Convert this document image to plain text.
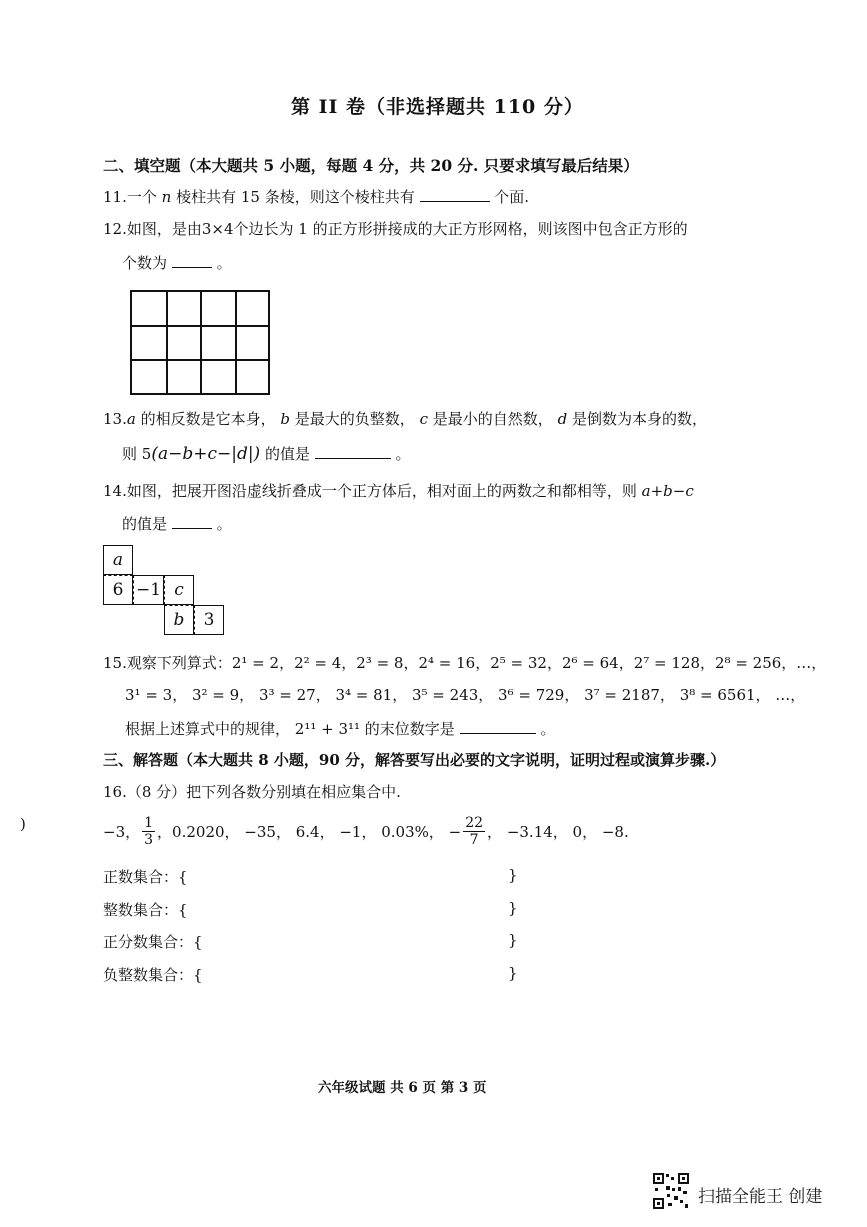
第 II 卷（非选择题共 110 分）
二、填空题（本大题共 5 小题，每题 4 分，共 20 分. 只要求填写最后结果）
11.一个 n 棱柱共有 15 条棱，则这个棱柱共有	个面.
12.如图，是由3×4个边长为 1 的正方形拼接成的大正方形网格，则该图中包含正方形的
个数为	。
13.a 的相反数是它本身， b 是最大的负整数， c 是最小的自然数， d 是倒数为本身的数，
则 5(a−b+c−|d|) 的值是	。
14.如图，把展开图沿虚线折叠成一个正方体后，相对面上的两数之和都相等，则 a+b−c
的值是	。
a
6 −1 c
b	3
15.观察下列算式：2¹ = 2，2² = 4，2³ = 8，2⁴ = 16，2⁵ = 32，2⁶ = 64，2⁷ = 128，2⁸ = 256，…，
3¹ = 3， 3² = 9， 3³ = 27， 3⁴ = 81， 3⁵ = 243， 3⁶ = 729， 3⁷ = 2187， 3⁸ = 6561， …，
根据上述算式中的规律， 2¹¹ + 3¹¹ 的末位数字是	。
三、解答题（本大题共 8 小题，90 分，解答要写出必要的文字说明，证明过程或演算步骤.）
16.（8 分）把下列各数分别填在相应集合中.
)	−3， $\frac{1}{3}$ ，0.2020， −35， 6.4， −1， 0.03%， − $\frac{22}{7}$ ， −3.14， 0， −8.
正数集合：{	}
整数集合：{	}
正分数集合：{	}
负整数集合：{	}
六年级试题 共 6 页 第 3 页
扫描全能王 创建
